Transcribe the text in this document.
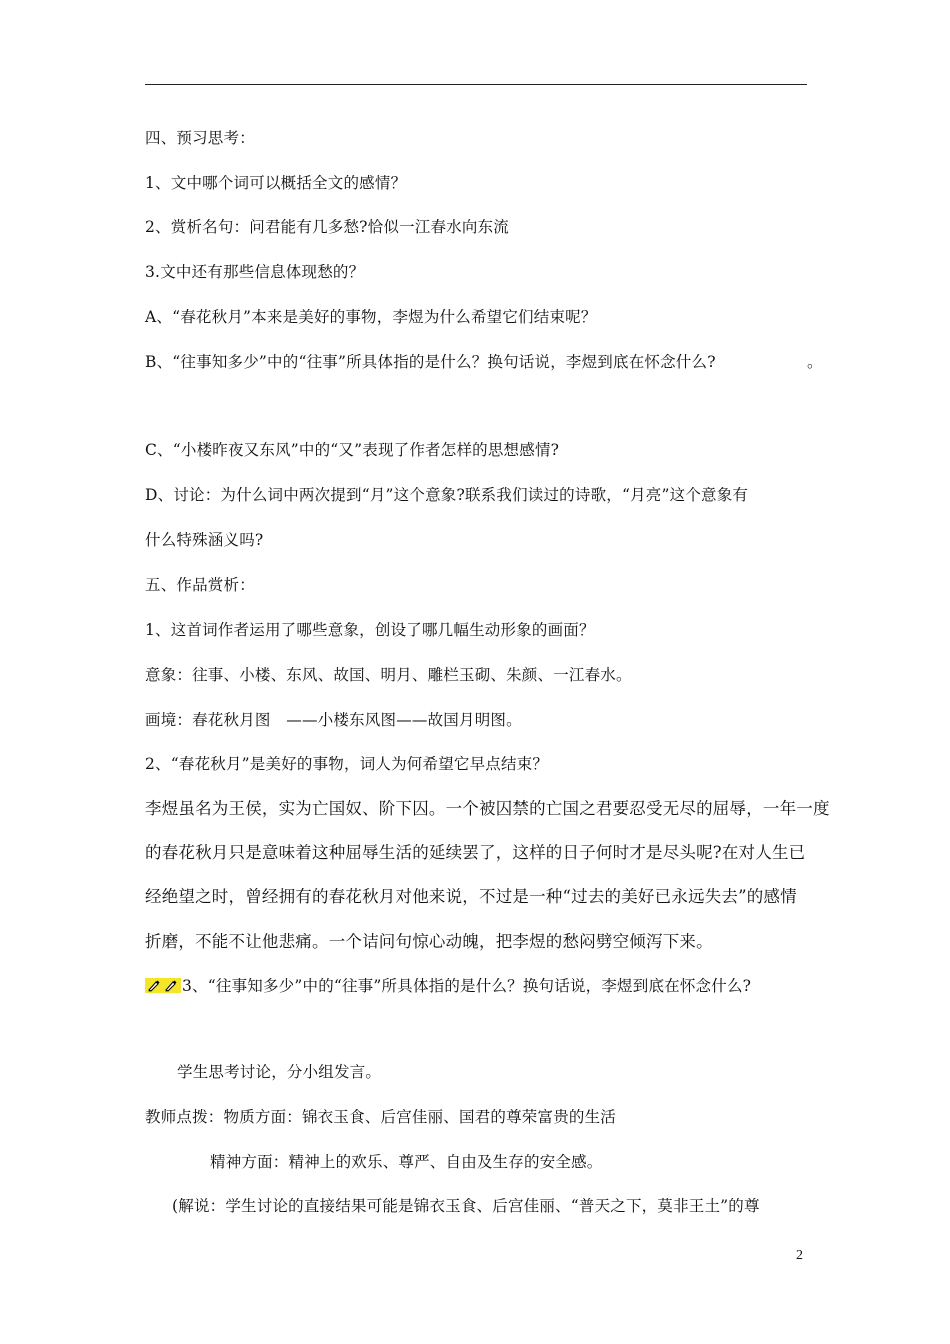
四、预习思考：
1、文中哪个词可以概括全文的感情？
2、赏析名句：问君能有几多愁?恰似一江春水向东流
3.文中还有那些信息体现愁的？
A、“春花秋月”本来是美好的事物，李煜为什么希望它们结束呢？
B、“往事知多少”中的“往事”所具体指的是什么？换句话说，李煜到底在怀念什么?	。
C、“小楼昨夜又东风”中的“又”表现了作者怎样的思想感情?
D、讨论：为什么词中两次提到“月”这个意象?联系我们读过的诗歌，“月亮”这个意象有
什么特殊涵义吗?
五、作品赏析：
1、这首词作者运用了哪些意象，创设了哪几幅生动形象的画面？
意象：往事、小楼、东风、故国、明月、雕栏玉砌、朱颜、一江春水。
画境：春花秋月图　——小楼东风图——故国月明图。
2、“春花秋月”是美好的事物，词人为何希望它早点结束？
李煜虽名为王侯，实为亡国奴、阶下囚。一个被囚禁的亡国之君要忍受无尽的屈辱，一年一度
的春花秋月只是意味着这种屈辱生活的延续罢了，这样的日子何时才是尽头呢?在对人生已
经绝望之时，曾经拥有的春花秋月对他来说，不过是一种“过去的美好已永远失去”的感情
折磨，不能不让他悲痛。一个诘问句惊心动魄，把李煜的愁闷劈空倾泻下来。
3、“往事知多少”中的“往事”所具体指的是什么？换句话说，李煜到底在怀念什么?
学生思考讨论，分小组发言。
教师点拨：物质方面：锦衣玉食、后宫佳丽、国君的尊荣富贵的生活
精神方面：精神上的欢乐、尊严、自由及生存的安全感。
(解说：学生讨论的直接结果可能是锦衣玉食、后宫佳丽、“普天之下，莫非王土”的尊
2
